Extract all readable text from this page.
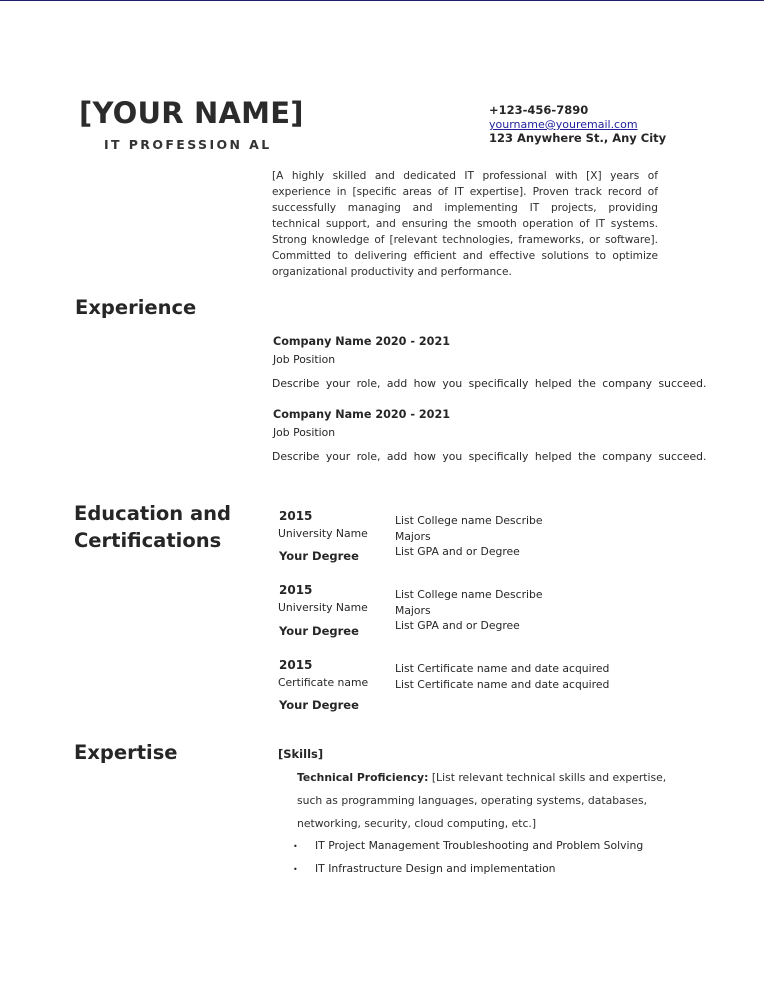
[YOUR NAME]
IT PROFESSION AL
+123-456-7890
yourname@youremail.com
123 Anywhere St., Any City
[A highly skilled and dedicated IT professional with [X] years of experience in [specific areas of IT expertise]. Proven track record of successfully managing and implementing IT projects, providing technical support, and ensuring the smooth operation of IT systems. Strong knowledge of [relevant technologies, frameworks, or software]. Committed to delivering efficient and effective solutions to optimize organizational productivity and performance.
Experience
Company Name 2020 - 2021
Job Position
Describe your role, add how you specifically helped the company succeed.
Company Name 2020 - 2021
Job Position
Describe your role, add how you specifically helped the company succeed.
Education and
Certifications
2015
University Name
Your Degree
List College name Describe
Majors
List GPA and or Degree
2015
University Name
Your Degree
List College name Describe
Majors
List GPA and or Degree
2015
Certificate name
Your Degree
List Certificate name and date acquired
List Certificate name and date acquired
Expertise	[Skills]
Technical Proficiency: [List relevant technical skills and expertise, such as programming languages, operating systems, databases, networking, security, cloud computing, etc.]
• IT Project Management Troubleshooting and Problem Solving
• IT Infrastructure Design and implementation
